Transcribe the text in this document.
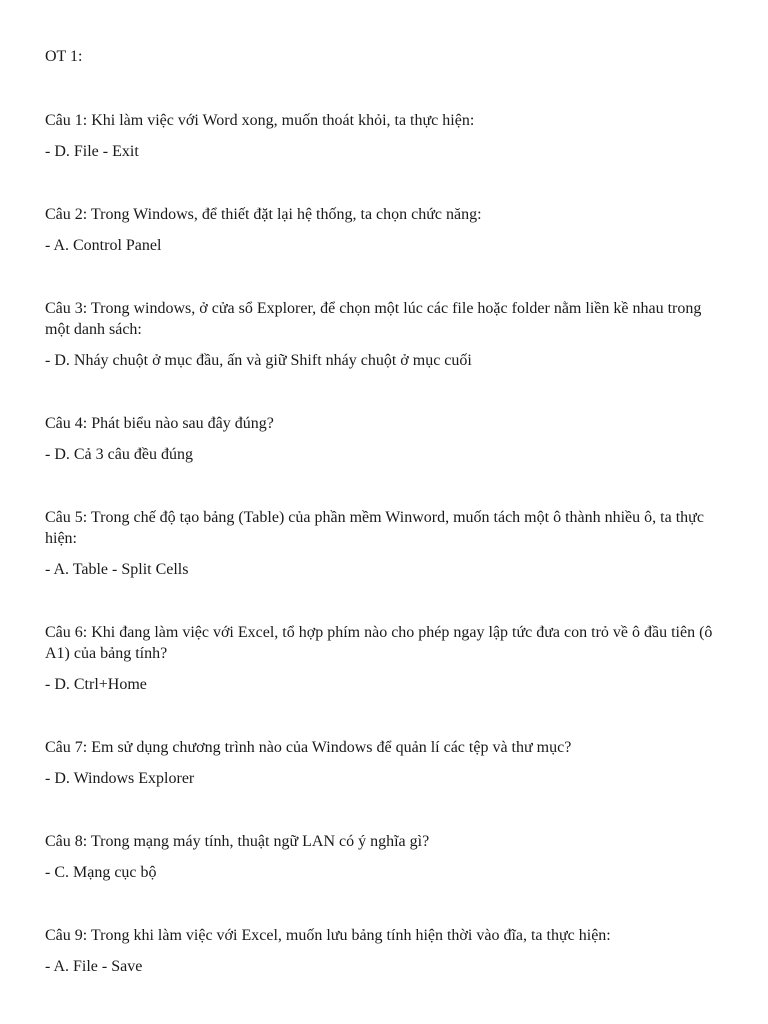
OT 1:

Câu 1: Khi làm việc với Word xong, muốn thoát khỏi, ta thực hiện:

- D. File - Exit

Câu 2: Trong Windows, để thiết đặt lại hệ thống, ta chọn chức năng:

- A. Control Panel

Câu 3: Trong windows, ở cửa sổ Explorer, để chọn một lúc các file hoặc folder nằm liền kề nhau trong một danh sách:

- D. Nháy chuột ở mục đầu, ấn và giữ Shift nháy chuột ở mục cuối

Câu 4: Phát biểu nào sau đây đúng?

- D. Cả 3 câu đều đúng

Câu 5: Trong chế độ tạo bảng (Table) của phần mềm Winword, muốn tách một ô thành nhiều ô, ta thực hiện:

- A. Table - Split Cells

Câu 6: Khi đang làm việc với Excel, tổ hợp phím nào cho phép ngay lập tức đưa con trỏ về ô đầu tiên (ô A1) của bảng tính?

- D. Ctrl+Home

Câu 7: Em sử dụng chương trình nào của Windows để quản lí các tệp và thư mục?

- D. Windows Explorer

Câu 8: Trong mạng máy tính, thuật ngữ LAN có ý nghĩa gì?

- C. Mạng cục bộ

Câu 9: Trong khi làm việc với Excel, muốn lưu bảng tính hiện thời vào đĩa, ta thực hiện:

- A. File - Save
